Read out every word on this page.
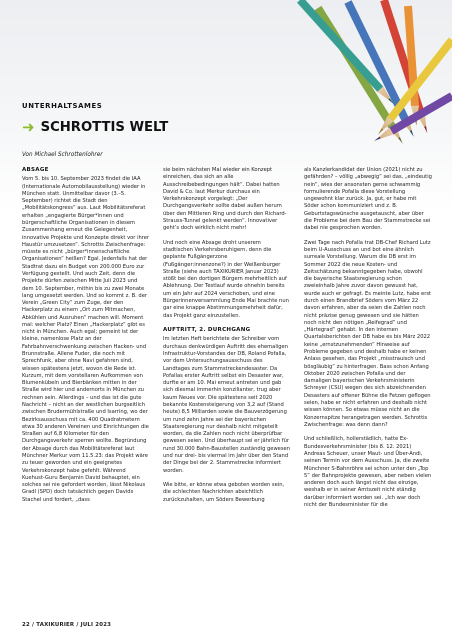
UNTERHALTSAMES

➜ SCHROTTIS WELT

Von Michael Schrottenlohrer

ABSAGE

Vom 5. bis 10. September 2023 findet die IAA (Internationale Automobilausstellung) wieder in München statt. Unmittelbar davor (3.–5. September) richtet die Stadt den „Mobilitätskongress“ aus. Laut Mobilitätsreferat erhalten „engagierte Bürger*innen und bürgerschaftliche Organisationen in diesem Zusammenhang erneut die Gelegenheit, innovative Projekte und Konzepte direkt vor ihrer Haustür umzusetzen“. Schrottis Zwischenfrage: müsste es nicht „bürger*innenschaftliche Organisationen“ heißen? Egal. Jedenfalls hat der Stadtrat dazu ein Budget von 200.000 Euro zur Verfügung gestellt. Und auch Zeit, denn die Projekte dürfen zwischen Mitte Juli 2023 und dem 10. September, mithin bis zu zwei Monate lang umgesetzt werden. Und so kommt z. B. der Verein „Green City“ zum Zuge, der den Hackerplatz zu einem „Ort zum Mitmachen, Abkühlen und Ausruhen“ machen will. Moment mal: welcher Platz? Einen „Hackerplatz“ gibt es nicht in München. Auch egal; gemeint ist der kleine, namenlose Platz an der Fahrbahnverschwenkung zwischen Hacken- und Brunnstraße. Allene Fuder, die noch mit Sprechfunk, aber ohne Navi gefahren sind, wissen spätestens jetzt, wovon die Rede ist. Kurzum, mit dem vorstellaren Aufkommen von Blumenkübeln und Bierbänken mitten in der Straße wird hier und andernorts in München zu rechnen sein. Allerdings – und das ist die gute Nachricht – nicht an der westlichen burgseitlich zwischen Brudermühlstraße und Isarring, wo der Bezirksausschuss mit ca. 400 Quadratmetern etwa 30 anderen Vereinen und Einrichtungen die Straßen auf 6,8 Kilometer für den Durchgangsverkehr sperren wollte. Begründung der Absage durch das Mobilitätsreferat laut Münchner Merkur vom 11.5.23: das Projekt wäre zu teuer geworden und ein geeignetes Verkehrskonzept habe gefehlt. Während Kuehust-Guru Benjamin David behauptet, ein solches sei nie gefordert worden, lässt Nikolaus Gradl (SPD) doch tatsächlich gegen Davids Stachel und fordert, „dass

sie beim nächsten Mal wieder ein Konzept einreichen, das sich an alle Ausschreibebedingungen hält“. Dabei hatten David & Co. laut Merkur durchaus ein Verkehrskonzept vorgelegt: „Der Durchgangsverkehr sollte dabei außen herum über den Mittleren Ring und durch den Richard-Strauss-Tunnel gelenkt werden“. Innovativer geht’s doch wirklich nicht mehr!

Und noch eine Absage droht unserem stadtischen Verkehrsberuhigern, denn die geplante Fußgängerzone (Fußgänger:innenzone?) in der Weißenburger Straße (siehe auch TAXIKURIER Januar 2023) stößt bei den dortigen Bürgern mehrheitlich auf Ablehnung. Der Testlauf wurde ohnehin bereits um ein Jahr auf 2024 verschoben, und eine Bürgerinnenversammlung Ende Mai brachte nun gar eine knappe Abstimmungsmehrheit dafür, das Projekt ganz einzustellen.

AUFTRITT, 2. DURCHGANG

Im letzten Heft berichtete der Schreiber vom durchaus denkwürdigen Auftritt des ehemaligen Infrastruktur-Vorstandes der DB, Roland Pofalla, vor dem Untersuchungsausschuss des Landtages zum Stammstreckendesaster. Da Pofallas erster Auftritt selbst ein Desaster war, durfte er am 10. Mai erneut antreten und gab sich diesmal immerhin konzilianter, trug aber kaum Neues vor. Die spätestens seit 2020 bekannte Kostensteigerung von 3,2 auf (Stand heute) 8,5 Milliarden sowie die Bauverzögerung um rund zehn Jahre sei der bayerischen Staatsregierung nur deshalb nicht mitgeteilt worden, da die Zahlen noch nicht überprüfbar gewesen seien. Und überhaupt sei er jährlich für rund 30.000 Bahn-Baustellen zuständig gewesen und nur drei- bis viermal im Jahr über den Stand der Dinge bei der 2. Stammstrecke informiert worden.

Wie bitte, er könne etwa geboten worden sein, die schlechten Nachrichten absichtlich zurückzuhalten, um Söders Bewerbung

als Kanzlerkandidat der Union (2021) nicht zu gefährden? – völlig „abwegig“ sei das, „eindeutig nein“, wies der ansonsten gerne schwammig formulierende Pofalla diese Vorstellung ungewohnt klar zurück. Ja, gut, er habe mit Söder schon kommuniziert und z. B. Geburtstagswünsche ausgetauscht, aber über die Probleme bei dem Bau der Stammstrecke sei dabei nie gesprochen worden.

Zwei Tage nach Pofalla trat DB-Chef Richard Lutz beim U-Ausschuss an und bot eine ähnlich surreale Vorstellung. Warum die DB erst im Sommer 2022 die neue Kosten- und Zeitschätzung bekanntgegeben habe, obwohl die bayerische Staatsregierung schon zweieinhalb Jahre zuvor davon gewusst hat, wurde auch er gefragt. Es meinte Lutz, habe erst durch einen Brandbrief Söders vom März 22 davon erfahren, aber da seien die Zahlen noch nicht präzise genug gewesen und sie hätten noch nicht den nötigen „Reifegrad“ und „Härtegrad“ gehabt. In den internen Quartalsberichten der DB habe es bis März 2022 keine „ernstzunehmenden“ Hinweise auf Probleme gegeben und deshalb habe er keinen Anlass gesehen, das Projekt „misstrauisch und bösgläubig“ zu hinterfragen. Bass schon Anfang Oktober 2020 zwischen Pofalla und der damaligen bayerischen Verkehrsministerin Schreyer (CSU) wegen des sich abzeichnenden Desasters auf offener Bühne die Fetzen geflogen seien, habe er nicht erfahren und deshalb nicht wissen können. So etwas müsse nicht an die Konzernspitze herangetragen werden. Schrottis Zwischenfrage: was denn dann?

Und schließlich, hollerstädlich, hatte Ex-Bundesverkehrsminister (bis 8. 12. 2021) Andreas Scheuer, unser Maut- und Über-Andi, seinen Termin vor dem Ausschuss. Ja, die zweite Münchner S-Bahnröhre sei schon unter den „Top 5“ der Bahnprojekte gewesen, aber neben vielen anderen doch auch längst nicht das einzige, weshalb er in seiner Amtszeit nicht ständig darüber informiert worden sei. „Ich war doch nicht der Bundesminister für die

22 / TAXIKURIER / JULI 2023
